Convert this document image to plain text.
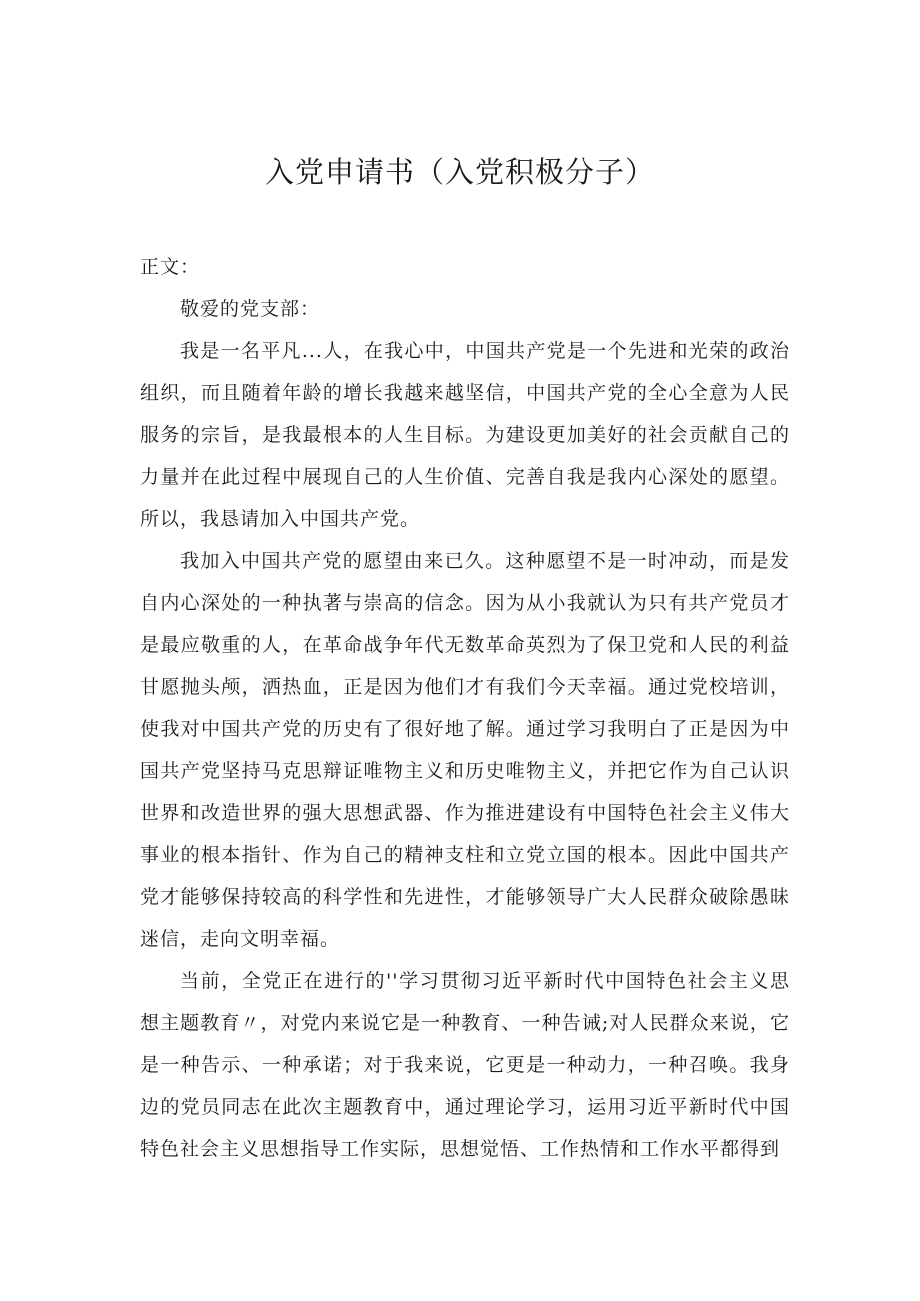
入党申请书（入党积极分子）

正文：

敬爱的党支部：

我是一名平凡...人，在我心中，中国共产党是一个先进和光荣的政治组织，而且随着年龄的增长我越来越坚信，中国共产党的全心全意为人民服务的宗旨，是我最根本的人生目标。为建设更加美好的社会贡献自己的力量并在此过程中展现自己的人生价值、完善自我是我内心深处的愿望。所以，我恳请加入中国共产党。

我加入中国共产党的愿望由来已久。这种愿望不是一时冲动，而是发自内心深处的一种执著与崇高的信念。因为从小我就认为只有共产党员才是最应敬重的人，在革命战争年代无数革命英烈为了保卫党和人民的利益甘愿抛头颅，洒热血，正是因为他们才有我们今天幸福。通过党校培训，使我对中国共产党的历史有了很好地了解。通过学习我明白了正是因为中国共产党坚持马克思辩证唯物主义和历史唯物主义，并把它作为自己认识世界和改造世界的强大思想武器、作为推进建设有中国特色社会主义伟大事业的根本指针、作为自己的精神支柱和立党立国的根本。因此中国共产党才能够保持较高的科学性和先进性，才能够领导广大人民群众破除愚昧迷信，走向文明幸福。

当前，全党正在进行的''学习贯彻习近平新时代中国特色社会主义思想主题教育〃，对党内来说它是一种教育、一种告诫;对人民群众来说，它是一种告示、一种承诺；对于我来说，它更是一种动力，一种召唤。我身边的党员同志在此次主题教育中，通过理论学习，运用习近平新时代中国特色社会主义思想指导工作实际，思想觉悟、工作热情和工作水平都得到
